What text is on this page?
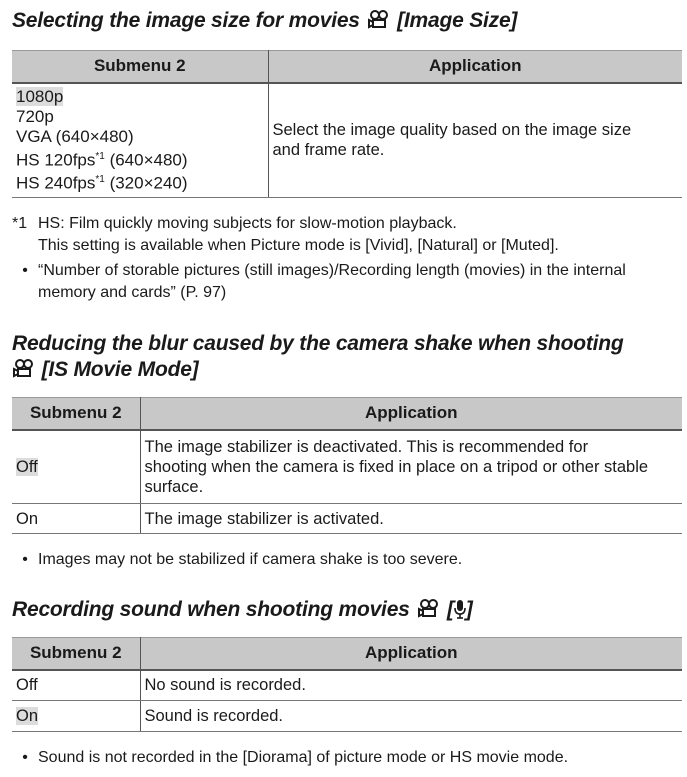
Selecting the image size for movies [Image Size]
Submenu 2	Application

1080p
720p
VGA (640×480)
HS 120fps$^{*1}$ (640×480)
HS 240fps$^{*1}$ (320×240)	Select the image quality based on the image size and frame rate.
*1 HS: Film quickly moving subjects for slow-motion playback.
This setting is available when Picture mode is [Vivid], [Natural] or [Muted].
• “Number of storable pictures (still images)/Recording length (movies) in the internal memory and cards” (P. 97)
Reducing the blur caused by the camera shake when shooting
[IS Movie Mode]
Submenu 2	Application
Off	The image stabilizer is deactivated. This is recommended for shooting when the camera is fixed in place on a tripod or other stable surface.
On	The image stabilizer is activated.
• Images may not be stabilized if camera shake is too severe.
Recording sound when shooting movies [ ]
Submenu 2	Application
Off	No sound is recorded.
On	Sound is recorded.
• Sound is not recorded in the [Diorama] of picture mode or HS movie mode.
